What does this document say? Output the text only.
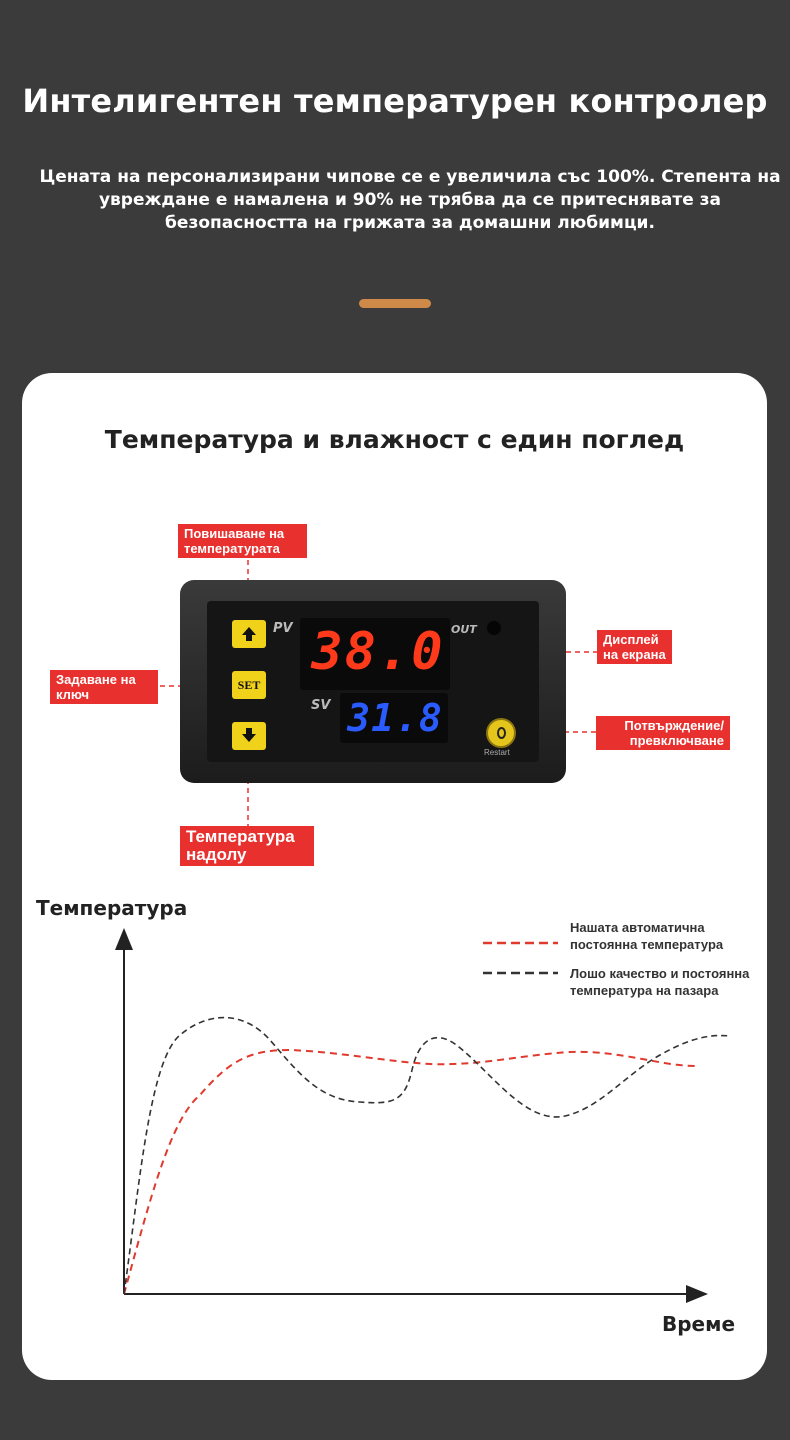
Интелигентен температурен контролер
Цената на персонализирани чипове се е увеличила със 100%. Степента на увреждане е намалена и 90% не трябва да се притеснявате за безопасността на грижата за домашни любимци.
Температура и влажност с един поглед
SET
PV
SV
OUT
38.0
31.8
Restart
Повишаване на температурата
Задаване на ключ
Температура надолу
Дисплей на екрана
Потвърждение/ превключване
Температура
Време
Нашата автоматична постоянна температура
Лошо качество и постоянна температура на пазара
